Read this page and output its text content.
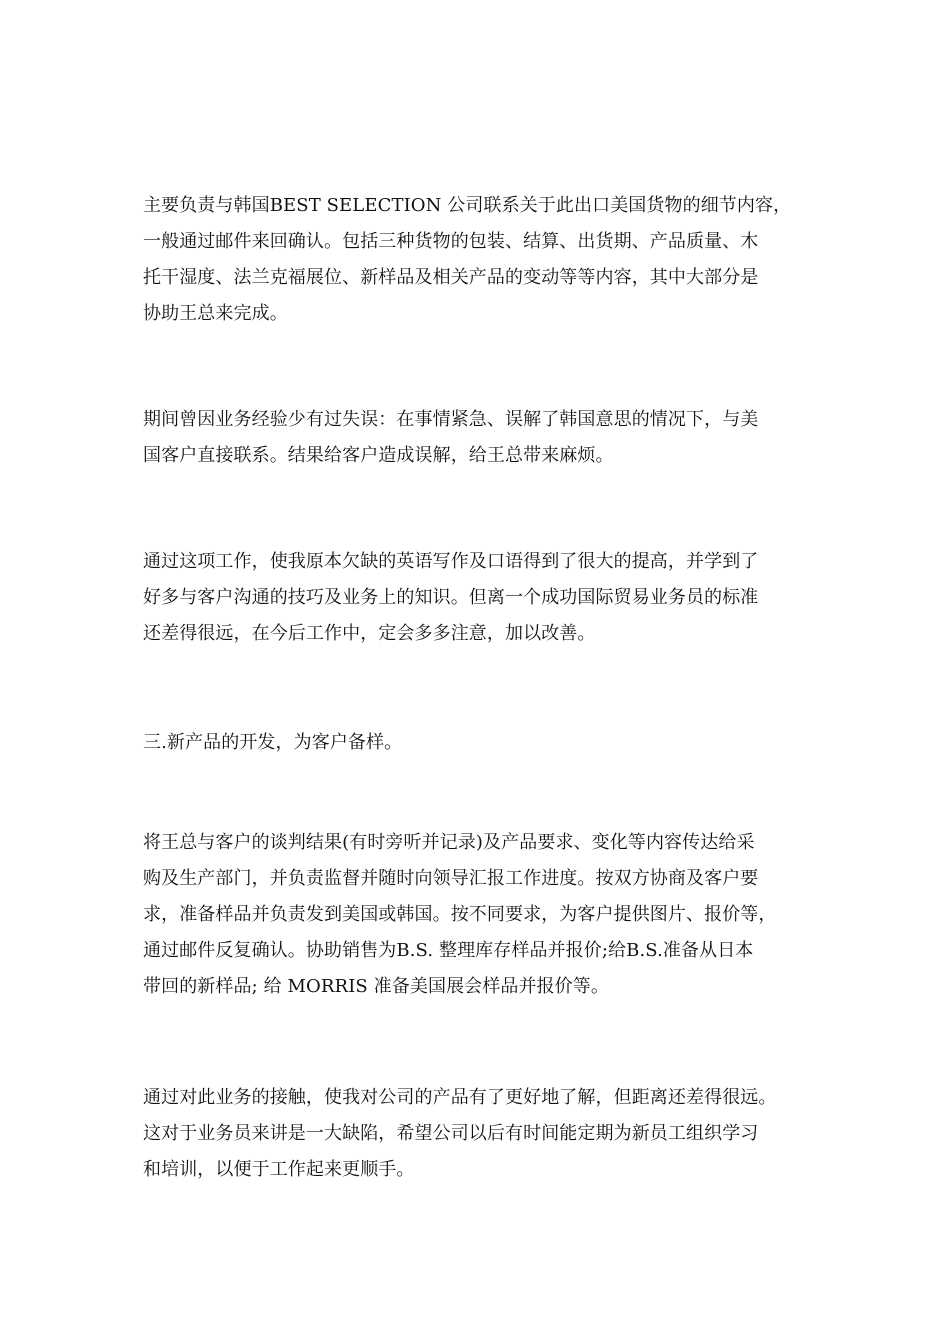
主要负责与韩国BEST SELECTION 公司联系关于此出口美国货物的细节内容，
一般通过邮件来回确认。包括三种货物的包装、结算、出货期、产品质量、木
托干湿度、法兰克福展位、新样品及相关产品的变动等等内容，其中大部分是
协助王总来完成。
期间曾因业务经验少有过失误：在事情紧急、误解了韩国意思的情况下，与美
国客户直接联系。结果给客户造成误解，给王总带来麻烦。
通过这项工作，使我原本欠缺的英语写作及口语得到了很大的提高，并学到了
好多与客户沟通的技巧及业务上的知识。但离一个成功国际贸易业务员的标准
还差得很远，在今后工作中，定会多多注意，加以改善。
三.新产品的开发，为客户备样。
将王总与客户的谈判结果(有时旁听并记录)及产品要求、变化等内容传达给采
购及生产部门，并负责监督并随时向领导汇报工作进度。按双方协商及客户要
求，准备样品并负责发到美国或韩国。按不同要求，为客户提供图片、报价等，
通过邮件反复确认。协助销售为B.S. 整理库存样品并报价;给B.S.准备从日本
带回的新样品; 给 MORRIS 准备美国展会样品并报价等。
通过对此业务的接触，使我对公司的产品有了更好地了解，但距离还差得很远。
这对于业务员来讲是一大缺陷，希望公司以后有时间能定期为新员工组织学习
和培训，以便于工作起来更顺手。
